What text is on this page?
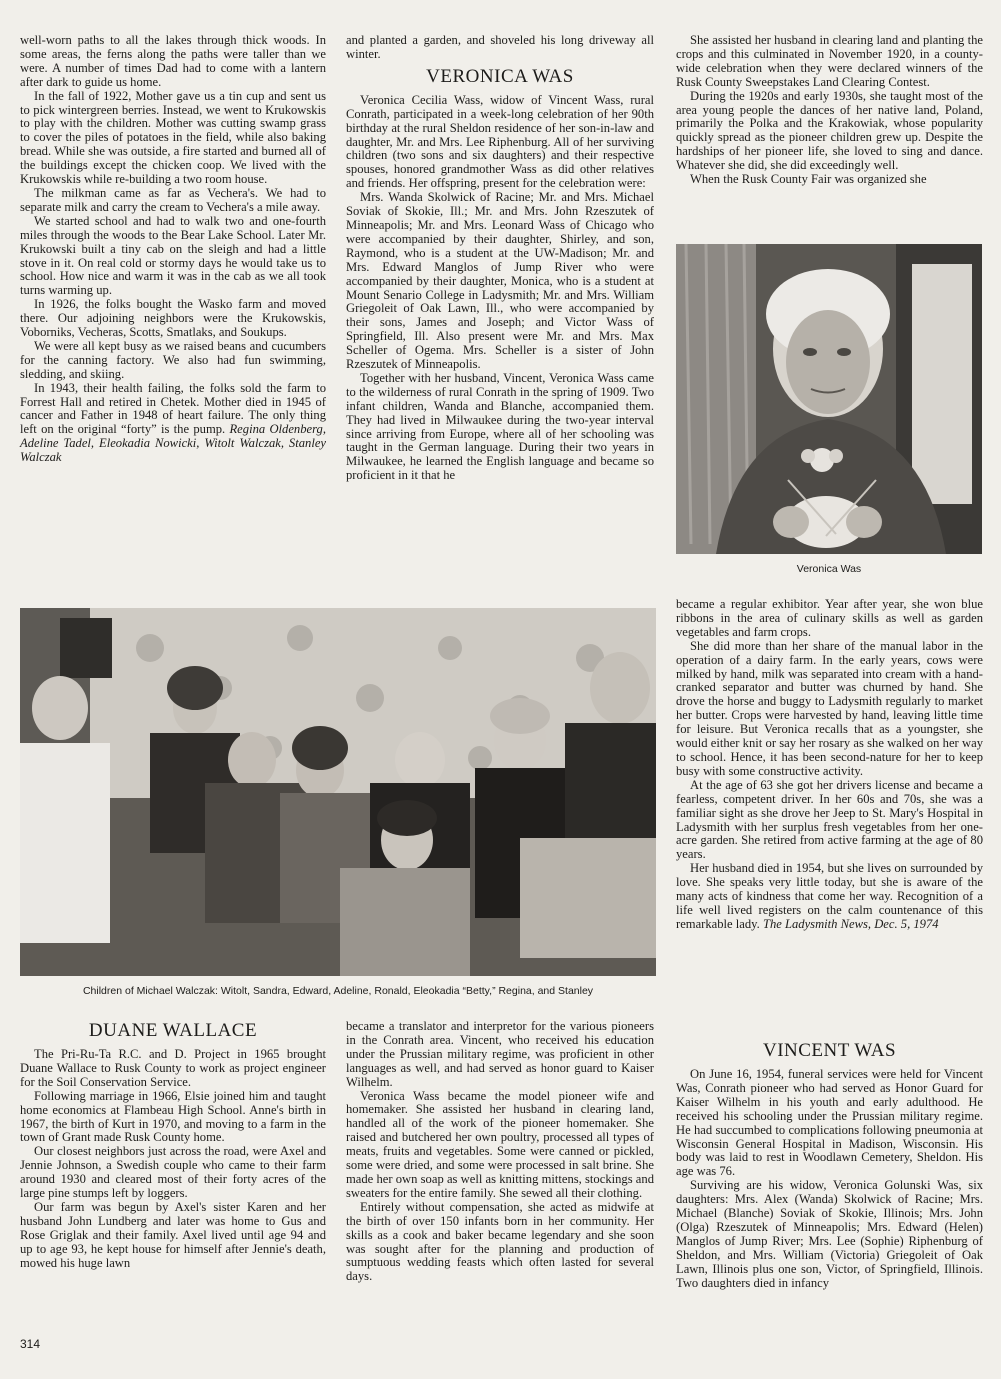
well-worn paths to all the lakes through thick woods. In some areas, the ferns along the paths were taller than we were. A number of times Dad had to come with a lantern after dark to guide us home.

In the fall of 1922, Mother gave us a tin cup and sent us to pick wintergreen berries. Instead, we went to Krukowskis to play with the children. Mother was cutting swamp grass to cover the piles of potatoes in the field, while also baking bread. While she was outside, a fire started and burned all of the buildings except the chicken coop. We lived with the Krukowskis while re-building a two room house.

The milkman came as far as Vechera's. We had to separate milk and carry the cream to Vechera's a mile away.

We started school and had to walk two and one-fourth miles through the woods to the Bear Lake School. Later Mr. Krukowski built a tiny cab on the sleigh and had a little stove in it. On real cold or stormy days he would take us to school. How nice and warm it was in the cab as we all took turns warming up.

In 1926, the folks bought the Wasko farm and moved there. Our adjoining neighbors were the Krukowskis, Voborniks, Vecheras, Scotts, Smatlaks, and Soukups.

We were all kept busy as we raised beans and cucumbers for the canning factory. We also had fun swimming, sledding, and skiing.

In 1943, their health failing, the folks sold the farm to Forrest Hall and retired in Chetek. Mother died in 1945 of cancer and Father in 1948 of heart failure. The only thing left on the original “forty” is the pump. Regina Oldenberg, Adeline Tadel, Eleokadia Nowicki, Witolt Walczak, Stanley Walczak

and planted a garden, and shoveled his long driveway all winter.

VERONICA WAS

Veronica Cecilia Wass, widow of Vincent Wass, rural Conrath, participated in a week-long celebration of her 90th birthday at the rural Sheldon residence of her son-in-law and daughter, Mr. and Mrs. Lee Riphenburg. All of her surviving children (two sons and six daughters) and their respective spouses, honored grandmother Wass as did other relatives and friends. Her offspring, present for the celebration were:

Mrs. Wanda Skolwick of Racine; Mr. and Mrs. Michael Soviak of Skokie, Ill.; Mr. and Mrs. John Rzeszutek of Minneapolis; Mr. and Mrs. Leonard Wass of Chicago who were accompanied by their daughter, Shirley, and son, Raymond, who is a student at the UW-Madison; Mr. and Mrs. Edward Manglos of Jump River who were accompanied by their daughter, Monica, who is a student at Mount Senario College in Ladysmith; Mr. and Mrs. William Griegoleit of Oak Lawn, Ill., who were accompanied by their sons, James and Joseph; and Victor Wass of Springfield, Ill. Also present were Mr. and Mrs. Max Scheller of Ogema. Mrs. Scheller is a sister of John Rzeszutek of Minneapolis.

Together with her husband, Vincent, Veronica Wass came to the wilderness of rural Conrath in the spring of 1909. Two infant children, Wanda and Blanche, accompanied them. They had lived in Milwaukee during the two-year interval since arriving from Europe, where all of her schooling was taught in the German language. During their two years in Milwaukee, he learned the English language and became so proficient in it that he

She assisted her husband in clearing land and planting the crops and this culminated in November 1920, in a county-wide celebration when they were declared winners of the Rusk County Sweepstakes Land Clearing Contest.

During the 1920s and early 1930s, she taught most of the area young people the dances of her native land, Poland, primarily the Polka and the Krakowiak, whose popularity quickly spread as the pioneer children grew up. Despite the hardships of her pioneer life, she loved to sing and dance. Whatever she did, she did exceedingly well.

When the Rusk County Fair was organized she

Veronica Was
Children of Michael Walczak: Witolt, Sandra, Edward, Adeline, Ronald, Eleokadia “Betty,” Regina, and Stanley

became a regular exhibitor. Year after year, she won blue ribbons in the area of culinary skills as well as garden vegetables and farm crops.

She did more than her share of the manual labor in the operation of a dairy farm. In the early years, cows were milked by hand, milk was separated into cream with a hand-cranked separator and butter was churned by hand. She drove the horse and buggy to Ladysmith regularly to market her butter. Crops were harvested by hand, leaving little time for leisure. But Veronica recalls that as a youngster, she would either knit or say her rosary as she walked on her way to school. Hence, it has been second-nature for her to keep busy with some constructive activity.

At the age of 63 she got her drivers license and became a fearless, competent driver. In her 60s and 70s, she was a familiar sight as she drove her Jeep to St. Mary's Hospital in Ladysmith with her surplus fresh vegetables from her one-acre garden. She retired from active farming at the age of 80 years.

Her husband died in 1954, but she lives on surrounded by love. She speaks very little today, but she is aware of the many acts of kindness that come her way. Recognition of a life well lived registers on the calm countenance of this remarkable lady. The Ladysmith News, Dec. 5, 1974

VINCENT WAS

On June 16, 1954, funeral services were held for Vincent Was, Conrath pioneer who had served as Honor Guard for Kaiser Wilhelm in his youth and early adulthood. He received his schooling under the Prussian military regime. He had succumbed to complications following pneumonia at Wisconsin General Hospital in Madison, Wisconsin. His body was laid to rest in Woodlawn Cemetery, Sheldon. His age was 76.

Surviving are his widow, Veronica Golunski Was, six daughters: Mrs. Alex (Wanda) Skolwick of Racine; Mrs. Michael (Blanche) Soviak of Skokie, Illinois; Mrs. John (Olga) Rzeszutek of Minneapolis; Mrs. Edward (Helen) Manglos of Jump River; Mrs. Lee (Sophie) Riphenburg of Sheldon, and Mrs. William (Victoria) Griegoleit of Oak Lawn, Illinois plus one son, Victor, of Springfield, Illinois. Two daughters died in infancy

DUANE WALLACE

The Pri-Ru-Ta R.C. and D. Project in 1965 brought Duane Wallace to Rusk County to work as project engineer for the Soil Conservation Service.

Following marriage in 1966, Elsie joined him and taught home economics at Flambeau High School. Anne's birth in 1967, the birth of Kurt in 1970, and moving to a farm in the town of Grant made Rusk County home.

Our closest neighbors just across the road, were Axel and Jennie Johnson, a Swedish couple who came to their farm around 1930 and cleared most of their forty acres of the large pine stumps left by loggers.

Our farm was begun by Axel's sister Karen and her husband John Lundberg and later was home to Gus and Rose Griglak and their family. Axel lived until age 94 and up to age 93, he kept house for himself after Jennie's death, mowed his huge lawn

became a translator and interpretor for the various pioneers in the Conrath area. Vincent, who received his education under the Prussian military regime, was proficient in other languages as well, and had served as honor guard to Kaiser Wilhelm.

Veronica Wass became the model pioneer wife and homemaker. She assisted her husband in clearing land, handled all of the work of the pioneer homemaker. She raised and butchered her own poultry, processed all types of meats, fruits and vegetables. Some were canned or pickled, some were dried, and some were processed in salt brine. She made her own soap as well as knitting mittens, stockings and sweaters for the entire family. She sewed all their clothing.

Entirely without compensation, she acted as midwife at the birth of over 150 infants born in her community. Her skills as a cook and baker became legendary and she soon was sought after for the planning and production of sumptuous wedding feasts which often lasted for several days.

314
